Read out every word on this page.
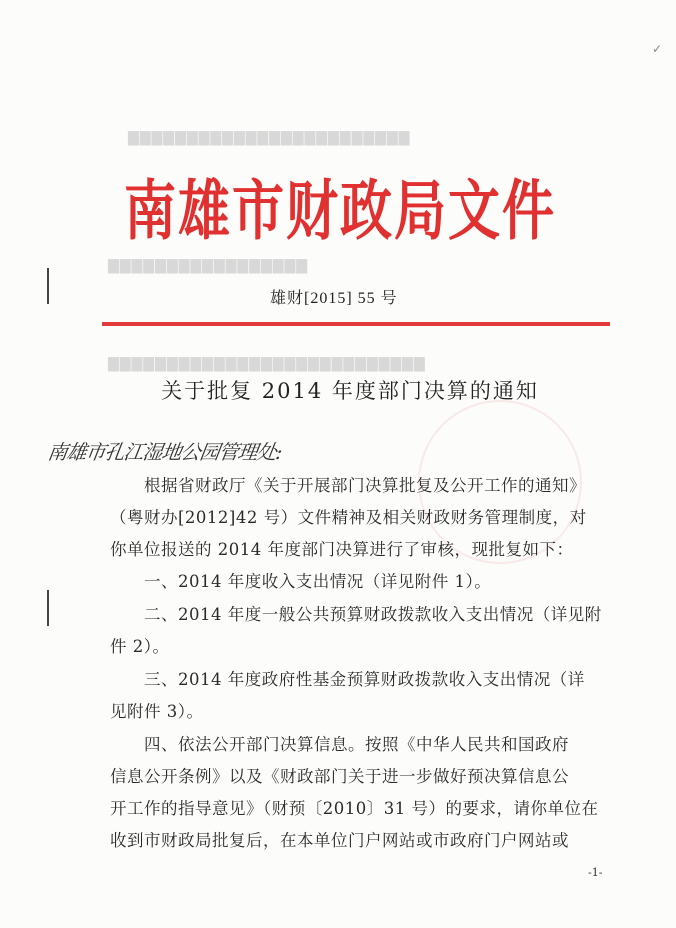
▇▇▇▇▇▇▇▇▇▇▇▇▇▇▇▇▇▇▇▇▇▇▇▇
▇▇▇▇▇▇▇▇▇▇▇▇▇▇▇▇▇
▇▇▇▇▇▇▇▇▇▇▇▇▇▇▇▇▇▇▇▇▇▇▇▇▇▇▇
✓
南雄市财政局文件
雄财[2015] 55 号
关于批复 2014 年度部门决算的通知
南雄市孔江湿地公园管理处:
根据省财政厅《关于开展部门决算批复及公开工作的通知》
（粤财办[2012]42 号）文件精神及相关财政财务管理制度，对
你单位报送的 2014 年度部门决算进行了审核，现批复如下：
一、2014 年度收入支出情况（详见附件 1）。
二、2014 年度一般公共预算财政拨款收入支出情况（详见附
件 2）。
三、2014 年度政府性基金预算财政拨款收入支出情况（详
见附件 3）。
四、依法公开部门决算信息。按照《中华人民共和国政府
信息公开条例》以及《财政部门关于进一步做好预决算信息公
开工作的指导意见》（财预〔2010〕31 号）的要求，请你单位在
收到市财政局批复后，在本单位门户网站或市政府门户网站或
-1-
